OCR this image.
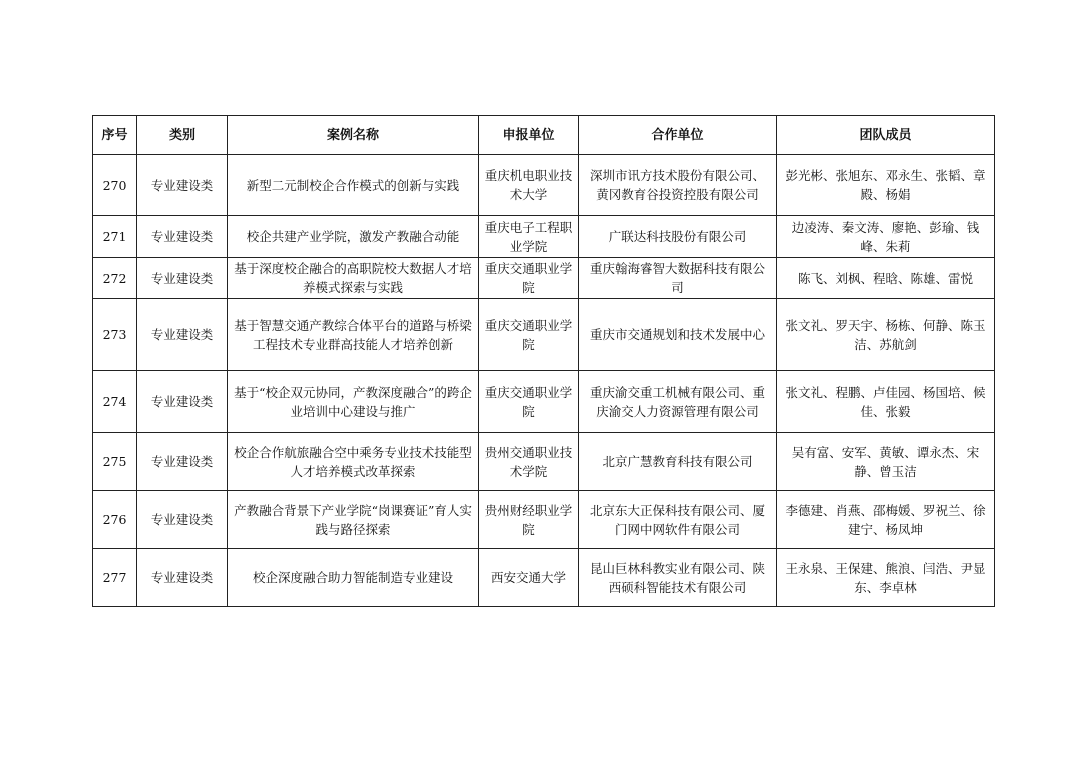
序号	类别	案例名称	申报单位	合作单位	团队成员
270	专业建设类	新型二元制校企合作模式的创新与实践	重庆机电职业技术大学	深圳市讯方技术股份有限公司、黄冈教育谷投资控股有限公司	彭光彬、张旭东、邓永生、张韬、章殿、杨娟
271	专业建设类	校企共建产业学院，激发产教融合动能	重庆电子工程职业学院	广联达科技股份有限公司	边凌涛、秦文涛、廖艳、彭瑜、钱峰、朱莉
272	专业建设类	基于深度校企融合的高职院校大数据人才培养模式探索与实践	重庆交通职业学院	重庆翰海睿智大数据科技有限公司	陈飞、刘枫、程晗、陈雄、雷悦
273	专业建设类	基于智慧交通产教综合体平台的道路与桥梁工程技术专业群高技能人才培养创新	重庆交通职业学院	重庆市交通规划和技术发展中心	张文礼、罗天宇、杨栋、何静、陈玉洁、苏航剑
274	专业建设类	基于“校企双元协同，产教深度融合”的跨企业培训中心建设与推广	重庆交通职业学院	重庆渝交重工机械有限公司、重庆渝交人力资源管理有限公司	张文礼、程鹏、卢佳园、杨国培、候佳、张毅
275	专业建设类	校企合作航旅融合空中乘务专业技术技能型人才培养模式改革探索	贵州交通职业技术学院	北京广慧教育科技有限公司	吴有富、安军、黄敏、谭永杰、宋静、曾玉洁
276	专业建设类	产教融合背景下产业学院“岗课赛证”育人实践与路径探索	贵州财经职业学院	北京东大正保科技有限公司、厦门网中网软件有限公司	李德建、肖燕、邵梅媛、罗祝兰、徐建宁、杨凤坤
277	专业建设类	校企深度融合助力智能制造专业建设	西安交通大学	昆山巨林科教实业有限公司、陕西硕科智能技术有限公司	王永泉、王保建、熊浪、闫浩、尹显东、李卓林
